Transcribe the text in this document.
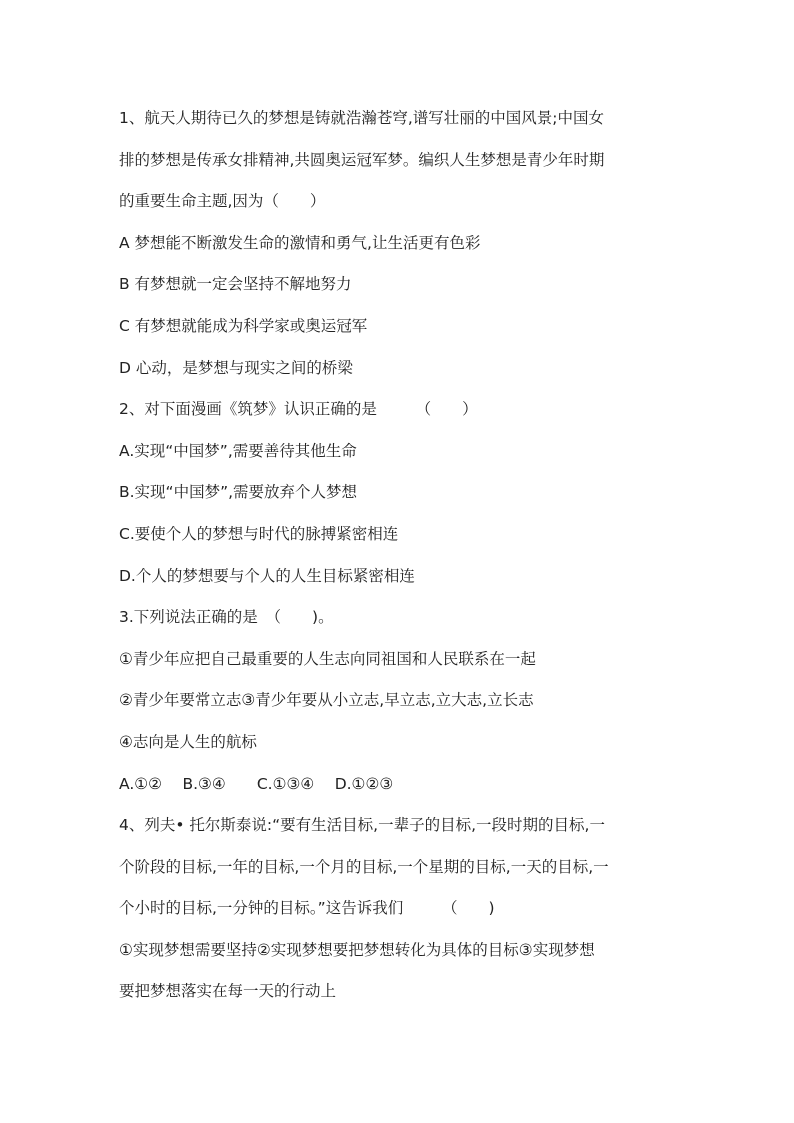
1、航天人期待已久的梦想是铸就浩瀚苍穹,谱写壮丽的中国风景;中国女
排的梦想是传承女排精神,共圆奥运冠军梦。编织人生梦想是青少年时期
的重要生命主题,因为（　　）
A 梦想能不断激发生命的激情和勇气,让生活更有色彩
B 有梦想就一定会坚持不解地努力
C 有梦想就能成为科学家或奥运冠军
D 心动，是梦想与现实之间的桥梁
2、对下面漫画《筑梦》认识正确的是　　　（　　）
A.实现“中国梦”,需要善待其他生命
B.实现“中国梦”,需要放弃个人梦想
C.要使个人的梦想与时代的脉搏紧密相连
D.个人的梦想要与个人的人生目标紧密相连
3.下列说法正确的是　（　　)。
①青少年应把自己最重要的人生志向同祖国和人民联系在一起
②青少年要常立志③青少年要从小立志,早立志,立大志,立长志
④志向是人生的航标
A.①②　 B.③④　　C.①③④　 D.①②③
4、列夫• 托尔斯泰说:“要有生活目标,一辈子的目标,一段时期的目标,一
个阶段的目标,一年的目标,一个月的目标,一个星期的目标,一天的目标,一
个小时的目标,一分钟的目标。”这告诉我们　　　（　　)
①实现梦想需要坚持②实现梦想要把梦想转化为具体的目标③实现梦想
要把梦想落实在每一天的行动上
